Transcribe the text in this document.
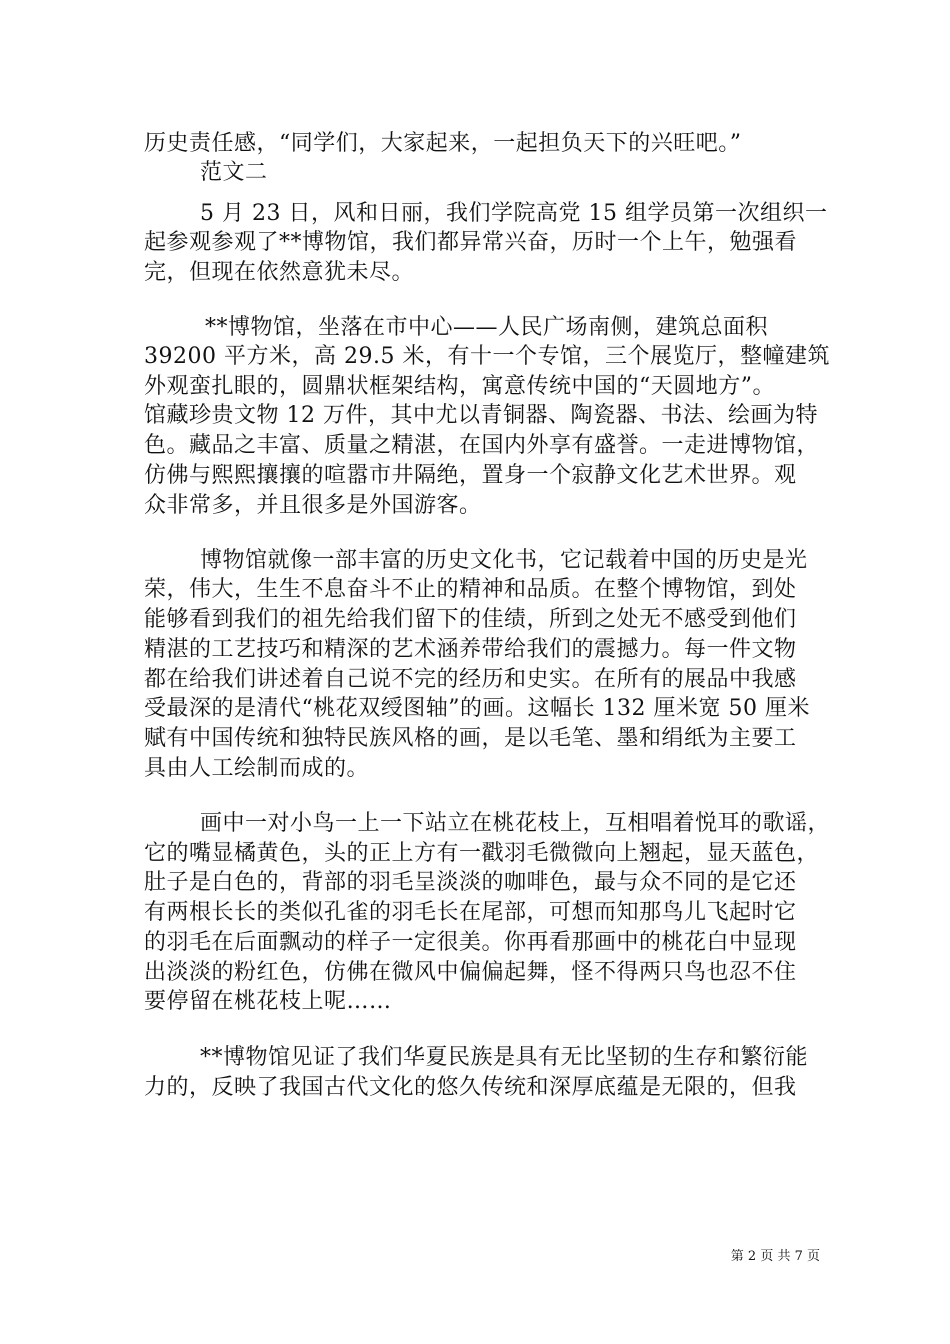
历史责任感，“同学们，大家起来，一起担负天下的兴旺吧。”
范文二
5 月 23 日，风和日丽，我们学院高党 15 组学员第一次组织一
起参观参观了**博物馆，我们都异常兴奋，历时一个上午，勉强看
完，但现在依然意犹未尽。
**博物馆，坐落在市中心——人民广场南侧，建筑总面积
39200 平方米，高 29.5 米，有十一个专馆，三个展览厅，整幢建筑
外观蛮扎眼的，圆鼎状框架结构，寓意传统中国的“天圆地方”。
馆藏珍贵文物 12 万件，其中尤以青铜器、陶瓷器、书法、绘画为特
色。藏品之丰富、质量之精湛，在国内外享有盛誉。一走进博物馆，
仿佛与熙熙攘攘的喧嚣市井隔绝，置身一个寂静文化艺术世界。观
众非常多，并且很多是外国游客。
博物馆就像一部丰富的历史文化书，它记载着中国的历史是光
荣，伟大，生生不息奋斗不止的精神和品质。在整个博物馆，到处
能够看到我们的祖先给我们留下的佳绩，所到之处无不感受到他们
精湛的工艺技巧和精深的艺术涵养带给我们的震撼力。每一件文物
都在给我们讲述着自己说不完的经历和史实。在所有的展品中我感
受最深的是清代“桃花双绶图轴”的画。这幅长 132 厘米宽 50 厘米
赋有中国传统和独特民族风格的画，是以毛笔、墨和绢纸为主要工
具由人工绘制而成的。
画中一对小鸟一上一下站立在桃花枝上，互相唱着悦耳的歌谣，
它的嘴显橘黄色，头的正上方有一戳羽毛微微向上翘起，显天蓝色，
肚子是白色的，背部的羽毛呈淡淡的咖啡色，最与众不同的是它还
有两根长长的类似孔雀的羽毛长在尾部，可想而知那鸟儿飞起时它
的羽毛在后面飘动的样子一定很美。你再看那画中的桃花白中显现
出淡淡的粉红色，仿佛在微风中偏偏起舞，怪不得两只鸟也忍不住
要停留在桃花枝上呢……
**博物馆见证了我们华夏民族是具有无比坚韧的生存和繁衍能
力的，反映了我国古代文化的悠久传统和深厚底蕴是无限的，但我
第 2 页 共 7 页
